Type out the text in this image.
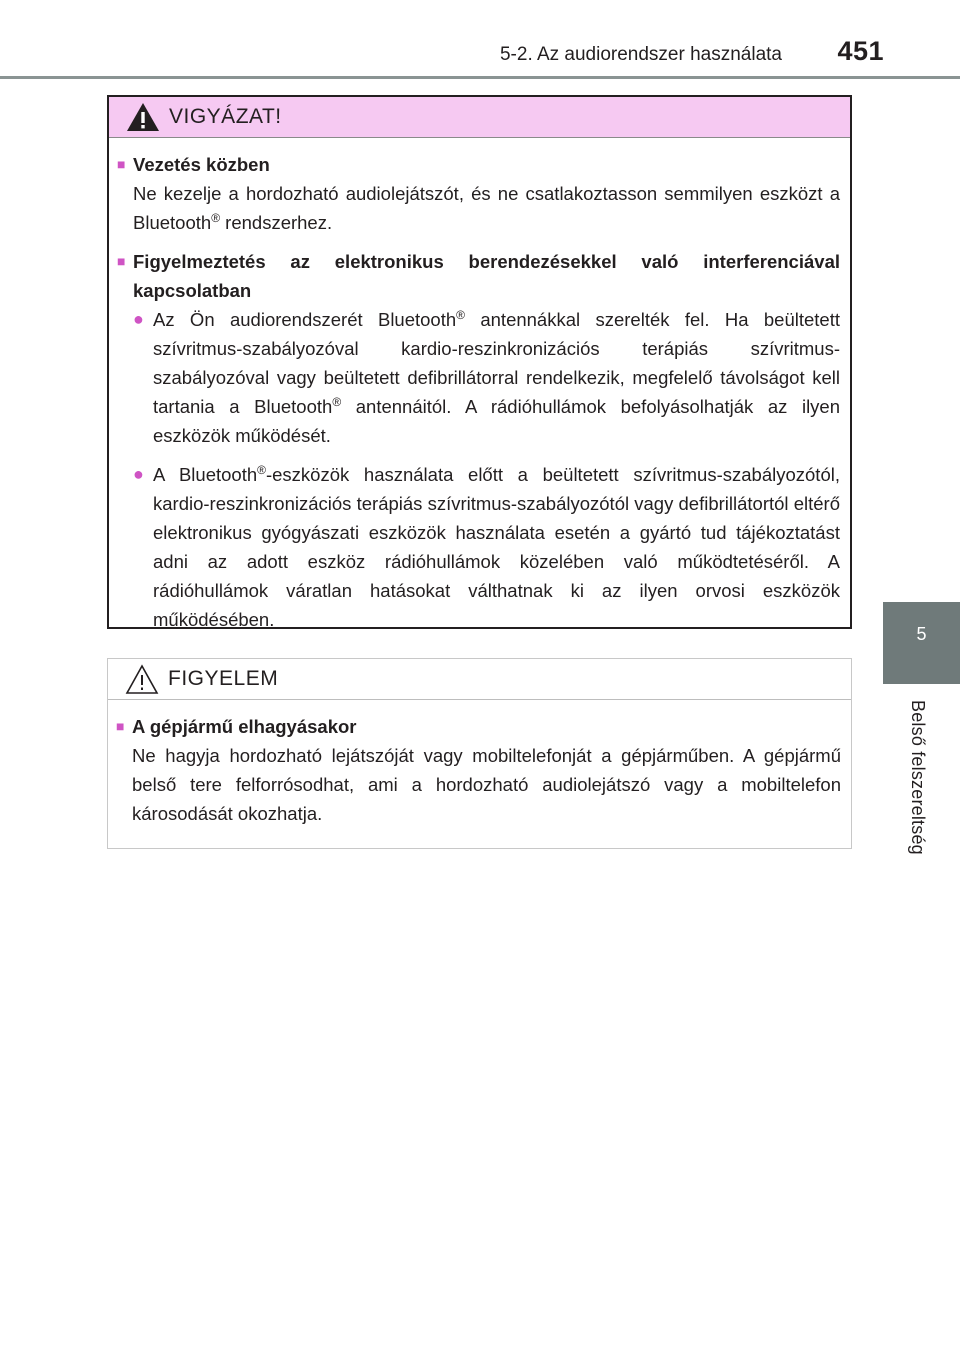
5-2. Az audiorendszer használata 451
5
Belső felszereltség
VIGYÁZAT!
■ Vezetés közben
Ne kezelje a hordozható audiolejátszót, és ne csatlakoztasson semmilyen eszközt a Bluetooth® rendszerhez.
■ Figyelmeztetés az elektronikus berendezésekkel való interferenciával kapcsolatban
● Az Ön audiorendszerét Bluetooth® antennákkal szerelték fel. Ha beültetett szívritmus-szabályozóval kardio-reszinkronizációs terápiás szívritmus-szabályozóval vagy beültetett defibrillátorral rendelkezik, megfelelő távolságot kell tartania a Bluetooth® antennáitól. A rádióhullámok befolyásolhatják az ilyen eszközök működését.
● A Bluetooth®-eszközök használata előtt a beültetett szívritmus-szabályozótól, kardio-reszinkronizációs terápiás szívritmus-szabályozótól vagy defibrillátortól eltérő elektronikus gyógyászati eszközök használata esetén a gyártó tud tájékoztatást adni az adott eszköz rádióhullámok közelében való működtetéséről. A rádióhullámok váratlan hatásokat válthatnak ki az ilyen orvosi eszközök működésében.
FIGYELEM
■ A gépjármű elhagyásakor
Ne hagyja hordozható lejátszóját vagy mobiltelefonját a gépjárműben. A gépjármű belső tere felforrósodhat, ami a hordozható audiolejátszó vagy a mobiltelefon károsodását okozhatja.
